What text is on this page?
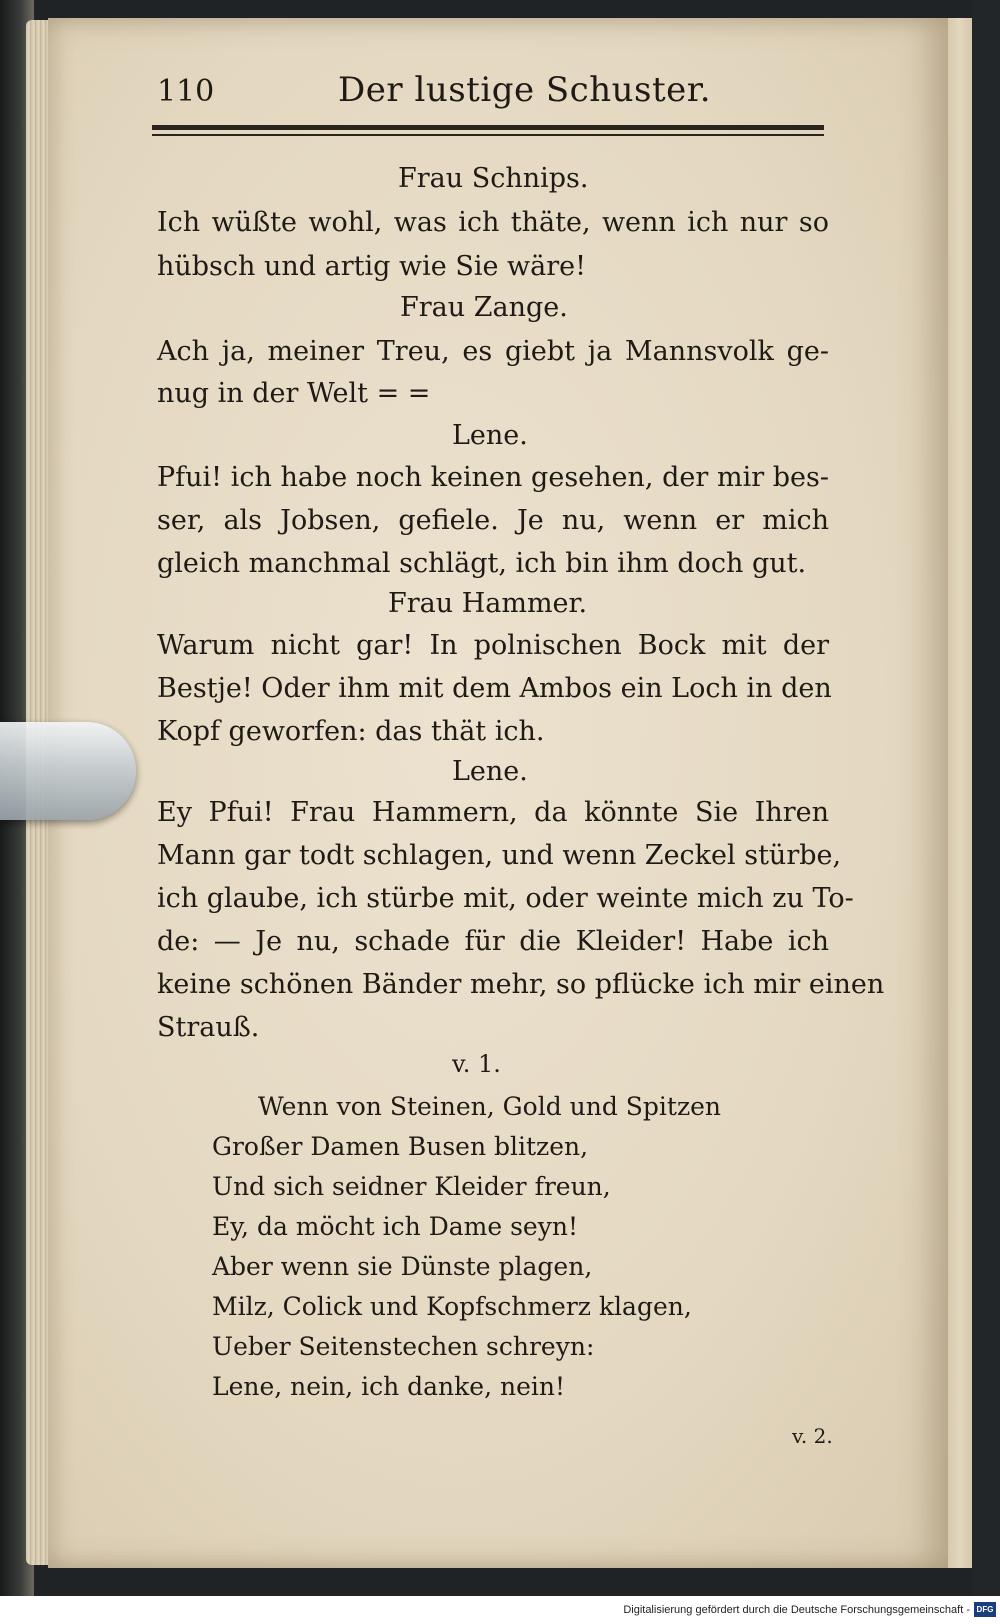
110	Der lustige Schuster.
Frau Schnips.
Ich wüßte wohl, was ich thäte, wenn ich nur so
hübsch und artig wie Sie wäre!
Frau Zange.
Ach ja, meiner Treu, es giebt ja Mannsvolk ge-
nug in der Welt = =
Lene.
Pfui! ich habe noch keinen gesehen, der mir bes-
ser, als Jobsen, gefiele. Je nu, wenn er mich
gleich manchmal schlägt, ich bin ihm doch gut.
Frau Hammer.
Warum nicht gar! In polnischen Bock mit der
Bestje! Oder ihm mit dem Ambos ein Loch in den
Kopf geworfen: das thät ich.
Lene.
Ey Pfui! Frau Hammern, da könnte Sie Ihren
Mann gar todt schlagen, und wenn Zeckel stürbe,
ich glaube, ich stürbe mit, oder weinte mich zu To-
de: — Je nu, schade für die Kleider! Habe ich
keine schönen Bänder mehr, so pflücke ich mir einen
Strauß.
v. 1.
Wenn von Steinen, Gold und Spitzen
Großer Damen Busen blitzen,
Und sich seidner Kleider freun,
Ey, da möcht ich Dame seyn!
Aber wenn sie Dünste plagen,
Milz, Colick und Kopfschmerz klagen,
Ueber Seitenstechen schreyn:
Lene, nein, ich danke, nein!
v. 2.
Digitalisierung gefördert durch die Deutsche Forschungsgemeinschaft - DFG
